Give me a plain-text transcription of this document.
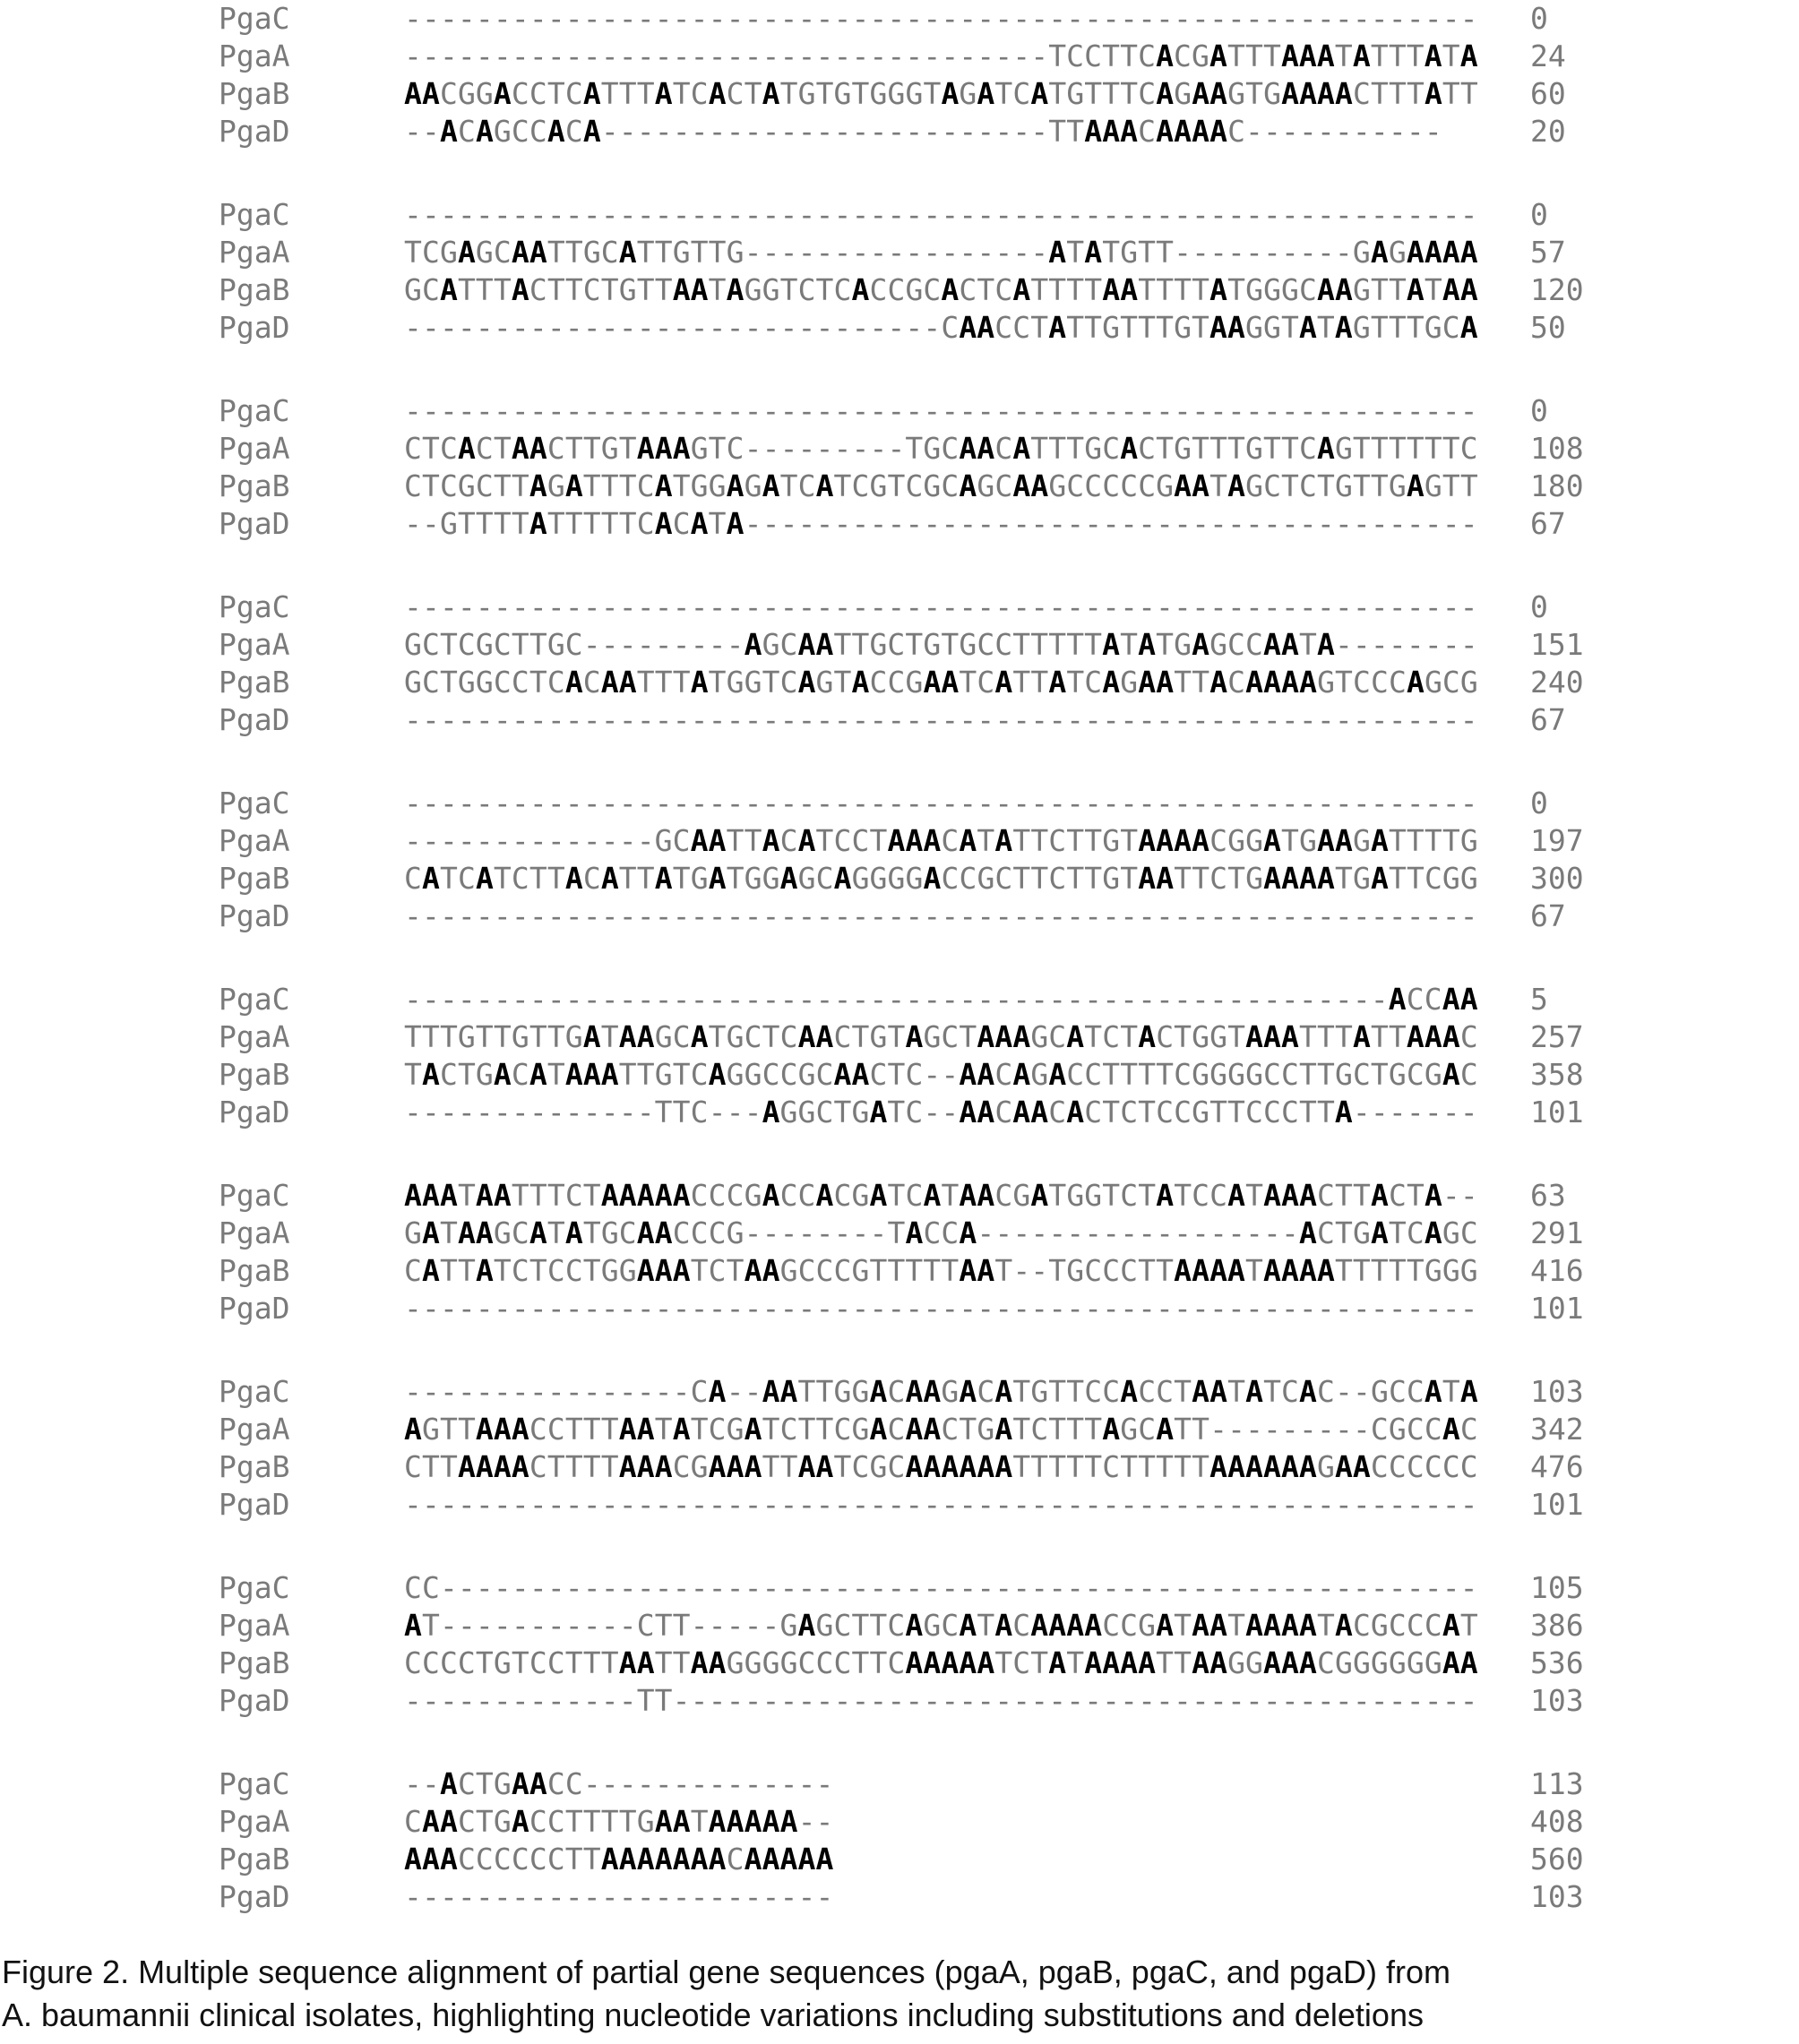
PgaC	------------------------------------------------------------ 0
PgaA	------------------------------------TCCTTCACGATTTAAATATTTATA 24
PgaB	AACGGACCTCATTTATCACTATGTGTGGGTAGATCATGTTTCAGAAGTGAAAACTTTATT 60
PgaD	--ACAGCCACA-------------------------TTAAACAAAAC-----------	20
PgaC	------------------------------------------------------------ 0
PgaA	TCGAGCAATTGCATTGTTG-----------------ATATGTT----------GAGAAAA 57
PgaB	GCATTTACTTCTGTTAATAGGTCTCACCGCACTCATTTTAATTTTATGGGCAAGTTATAA 120
PgaD	------------------------------CAACCTATTGTTTGTAAGGTATAGTTTGCA 50
PgaC	------------------------------------------------------------ 0
PgaA	CTCACTAACTTGTAAAGTC---------TGCAACATTTGCACTGTTTGTTCAGTTTTTTC 108
PgaB	CTCGCTTAGATTTCATGGAGATCATCGTCGCAGCAAGCCCCCGAATAGCTCTGTTGAGTT 180
PgaD	--GTTTTATTTTTCACATA----------------------------------------- 67
PgaC	------------------------------------------------------------ 0
PgaA	GCTCGCTTGC---------AGCAATTGCTGTGCCTTTTTATATGAGCCAATA-------- 151
PgaB	GCTGGCCTCACAATTTATGGTCAGTACCGAATCATTATCAGAATTACAAAAGTCCCAGCG 240
PgaD	------------------------------------------------------------ 67
PgaC	------------------------------------------------------------ 0
PgaA	--------------GCAATTACATCCTAAACATATTCTTGTAAAACGGATGAAGATTTTG 197
PgaB	CATCATCTTACATTATGATGGAGCAGGGGACCGCTTCTTGTAATTCTGAAAATGATTCGG 300
PgaD	------------------------------------------------------------ 67
PgaC	-------------------------------------------------------ACCAA 5
PgaA	TTTGTTGTTGATAAGCATGCTCAACTGTAGCTAAAGCATCTACTGGTAAATTTATTAAAC 257
PgaB	TACTGACATAAATTGTCAGGCCGCAACTC--AACAGACCTTTTCGGGGCCTTGCTGCGAC 358
PgaD	--------------TTC---AGGCTGATC--AACAACACTCTCCGTTCCCTTA------- 101
PgaC	AAATAATTTCTAAAAACCCGACCACGATCATAACGATGGTCTATCCATAAACTTACTA-- 63
PgaA	GATAAGCATATGCAACCCG--------TACCA------------------ACTGATCAGC 291
PgaB	CATTATCTCCTGGAAATCTAAGCCCGTTTTTAAT--TGCCCTTAAAATAAAATTTTTGGG 416
PgaD	------------------------------------------------------------ 101
PgaC	----------------CA--AATTGGACAAGACATGTTCCACCTAATATCAC--GCCATA 103
PgaA	AGTTAAACCTTTAATATCGATCTTCGACAACTGATCTTTAGCATT---------CGCCAC 342
PgaB	CTTAAAACTTTTAAACGAAATTAATCGCAAAAAATTTTTCTTTTTAAAAAAGAACCCCCC 476
PgaD	------------------------------------------------------------ 101
PgaC	CC---------------------------------------------------------- 105
PgaA	AT-----------CTT-----GAGCTTCAGCATACAAAACCGATAATAAAATACGCCCAT 386
PgaB	CCCCTGTCCTTTAATTAAGGGGCCCTTCAAAAATCTATAAAATTAAGGAAACGGGGGGAA 536
PgaD	-------------TT--------------------------------------------- 103
PgaC	--ACTGAACC--------------	113
PgaA	CAACTGACCTTTTGAATAAAAA--	408
PgaB	AAACCCCCCTTAAAAAAACAAAAA	560
PgaD	------------------------	103
Figure 2. Multiple sequence alignment of partial gene sequences (pgaA, pgaB, pgaC, and pgaD) from
A. baumannii clinical isolates, highlighting nucleotide variations including substitutions and deletions
